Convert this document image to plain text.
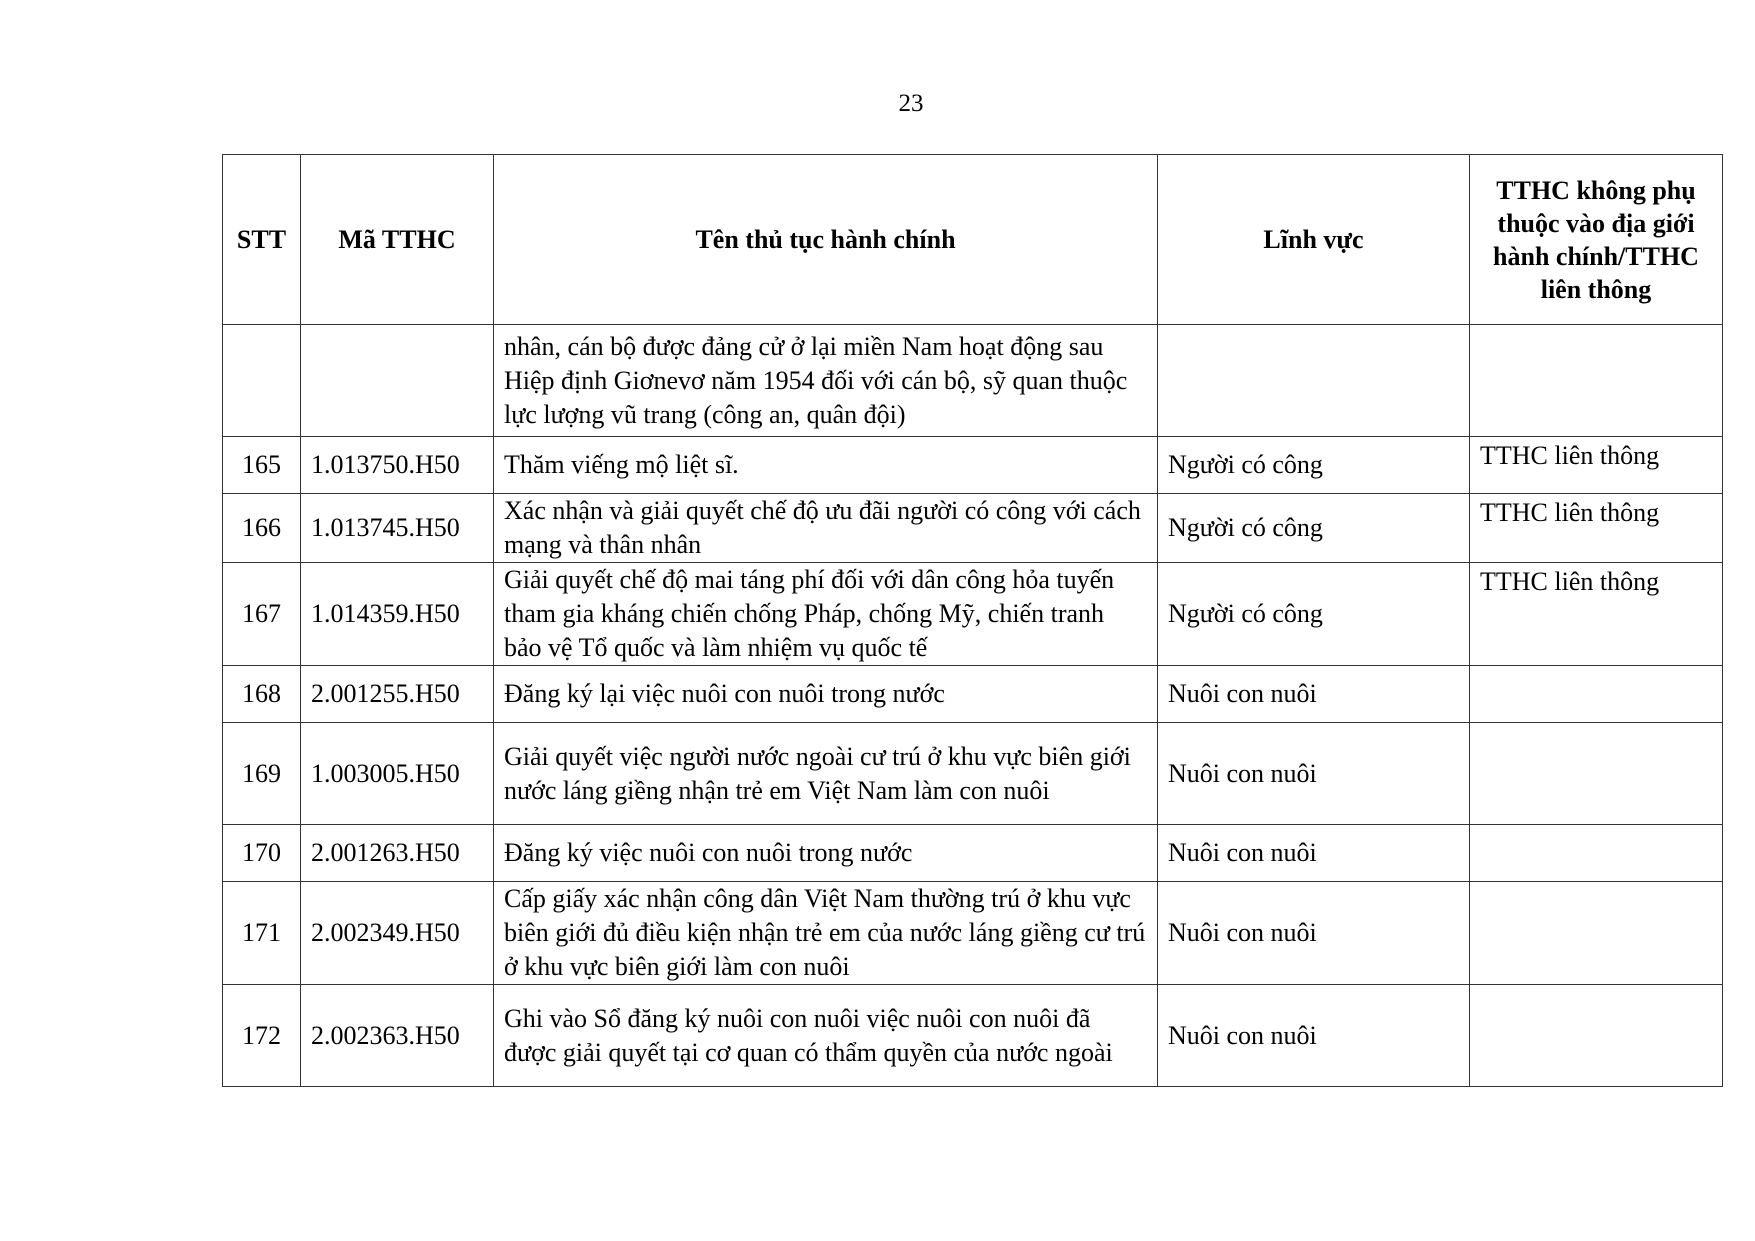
23
STT	Mã TTHC	Tên thủ tục hành chính	Lĩnh vực	TTHC không phụ thuộc vào địa giới hành chính/TTHC liên thông
		nhân, cán bộ được đảng cử ở lại miền Nam hoạt động sau Hiệp định Giơnevơ năm 1954 đối với cán bộ, sỹ quan thuộc lực lượng vũ trang (công an, quân đội)		
165	1.013750.H50	Thăm viếng mộ liệt sĩ.	Người có công	TTHC liên thông
166	1.013745.H50	Xác nhận và giải quyết chế độ ưu đãi người có công với cách mạng và thân nhân	Người có công	TTHC liên thông
167	1.014359.H50	Giải quyết chế độ mai táng phí đối với dân công hỏa tuyến tham gia kháng chiến chống Pháp, chống Mỹ, chiến tranh bảo vệ Tổ quốc và làm nhiệm vụ quốc tế	Người có công	TTHC liên thông
168	2.001255.H50	Đăng ký lại việc nuôi con nuôi trong nước	Nuôi con nuôi	
169	1.003005.H50	Giải quyết việc người nước ngoài cư trú ở khu vực biên giới nước láng giềng nhận trẻ em Việt Nam làm con nuôi	Nuôi con nuôi	
170	2.001263.H50	Đăng ký việc nuôi con nuôi trong nước	Nuôi con nuôi	
171	2.002349.H50	Cấp giấy xác nhận công dân Việt Nam thường trú ở khu vực biên giới đủ điều kiện nhận trẻ em của nước láng giềng cư trú ở khu vực biên giới làm con nuôi	Nuôi con nuôi	
172	2.002363.H50	Ghi vào Sổ đăng ký nuôi con nuôi việc nuôi con nuôi đã được giải quyết tại cơ quan có thẩm quyền của nước ngoài	Nuôi con nuôi	
